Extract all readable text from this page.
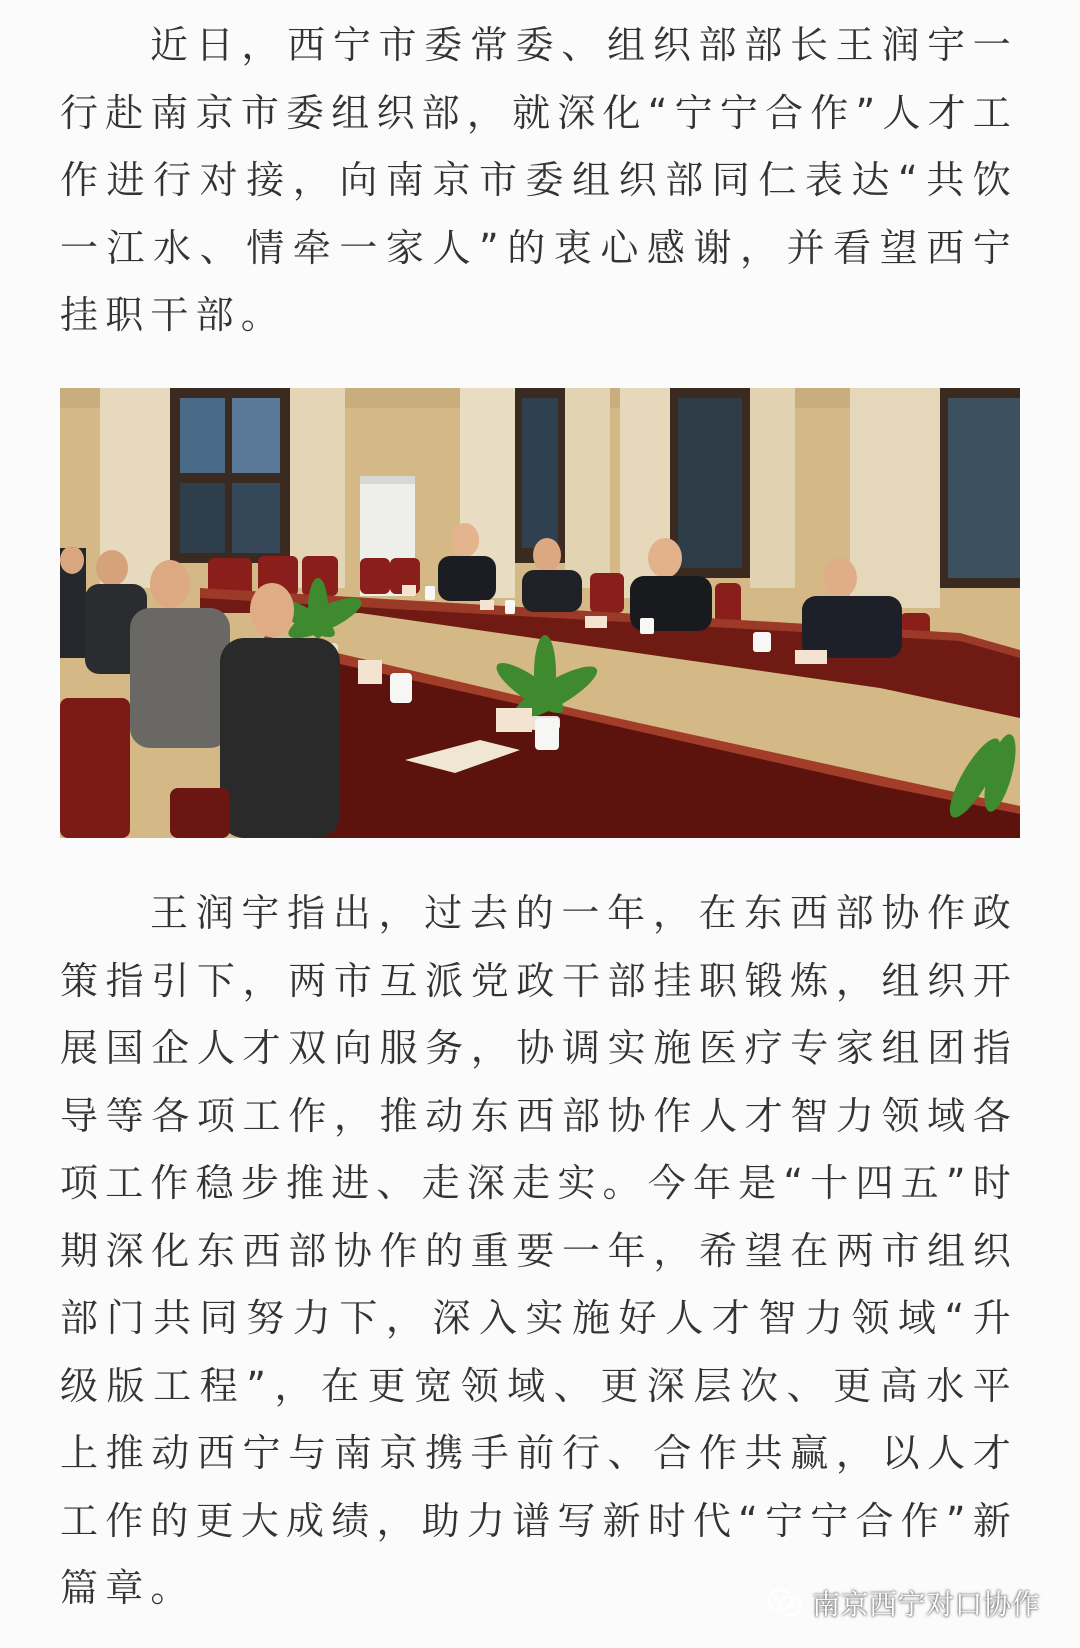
近日，西宁市委常委、组织部部长王润宇一行赴南京市委组织部，就深化“宁宁合作”人才工作进行对接，向南京市委组织部同仁表达“共饮一江水、情牵一家人”的衷心感谢，并看望西宁挂职干部。

王润宇指出，过去的一年，在东西部协作政策指引下，两市互派党政干部挂职锻炼，组织开展国企人才双向服务，协调实施医疗专家组团指导等各项工作，推动东西部协作人才智力领域各项工作稳步推进、走深走实。今年是“十四五”时期深化东西部协作的重要一年，希望在两市组织部门共同努力下，深入实施好人才智力领域“升级版工程”，在更宽领域、更深层次、更高水平上推动西宁与南京携手前行、合作共赢，以人才工作的更大成绩，助力谱写新时代“宁宁合作”新篇章。	南京西宁对口协作
